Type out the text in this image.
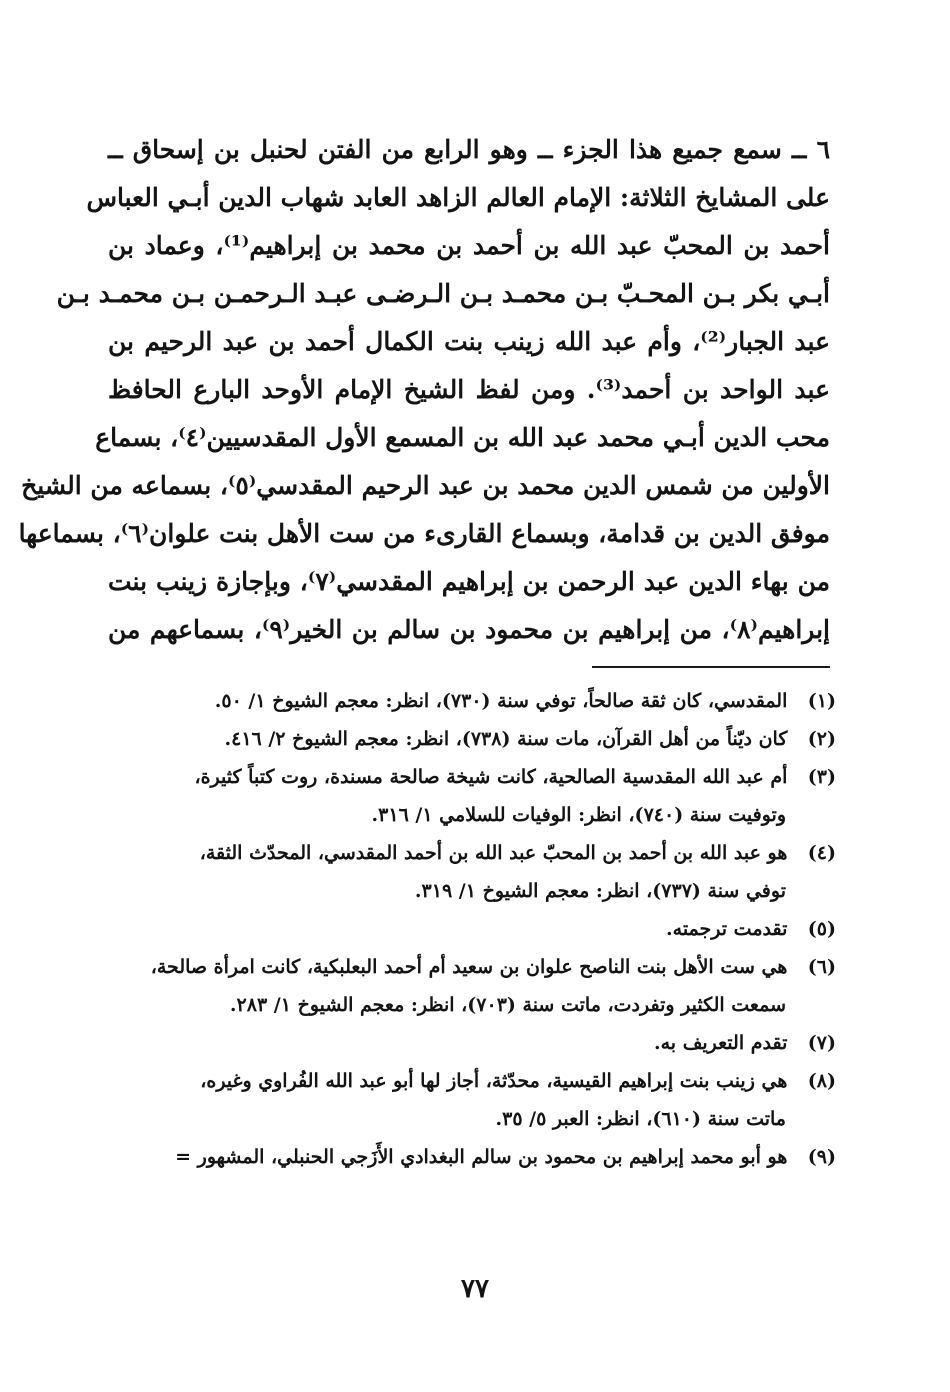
٦ ــ سمع جميع هذا الجزء ــ وهو الرابع من الفتن لحنبل بن إسحاق ــ
على المشايخ الثلاثة: الإمام العالم الزاهد العابد شهاب الدين أبـي العباس
أحمد بن المحبّ عبد الله بن أحمد بن محمد بن إبراهيم⁽¹⁾، وعماد بن
أبـي بكر بـن المحـبّ بـن محمـد بـن الـرضـى عبـد الـرحمـن بـن محمـد بـن
عبد الجبار⁽²⁾، وأم عبد الله زينب بنت الكمال أحمد بن عبد الرحيم بن
عبد الواحد بن أحمد⁽³⁾. ومن لفظ الشيخ الإمام الأوحد البارع الحافظ
محب الدين أبـي محمد عبد الله بن المسمع الأول المقدسيين⁽٤⁾، بسماع
الأولين من شمس الدين محمد بن عبد الرحيم المقدسي⁽٥⁾، بسماعه من الشيخ
موفق الدين بن قدامة، وبسماع القارىء من ست الأهل بنت علوان⁽٦⁾، بسماعها
من بهاء الدين عبد الرحمن بن إبراهيم المقدسي⁽٧⁾، وبإجازة زينب بنت
إبراهيم⁽٨⁾، من إبراهيم بن محمود بن سالم بن الخير⁽٩⁾، بسماعهم من
(١) المقدسي، كان ثقة صالحاً، توفي سنة (٧٣٠)، انظر: معجم الشيوخ ١/ ٥٠.
(٢) كان ديّناً من أهل القرآن، مات سنة (٧٣٨)، انظر: معجم الشيوخ ٢/ ٤١٦.
(٣) أم عبد الله المقدسية الصالحية، كانت شيخة صالحة مسندة، روت كتباً كثيرة،
وتوفيت سنة (٧٤٠)، انظر: الوفيات للسلامي ١/ ٣١٦.
(٤) هو عبد الله بن أحمد بن المحبّ عبد الله بن أحمد المقدسي، المحدّث الثقة،
توفي سنة (٧٣٧)، انظر: معجم الشيوخ ١/ ٣١٩.
(٥) تقدمت ترجمته.
(٦) هي ست الأهل بنت الناصح علوان بن سعيد أم أحمد البعلبكية، كانت امرأة صالحة،
سمعت الكثير وتفردت، ماتت سنة (٧٠٣)، انظر: معجم الشيوخ ١/ ٢٨٣.
(٧) تقدم التعريف به.
(٨) هي زينب بنت إبراهيم القيسية، محدّثة، أجاز لها أبو عبد الله الفُراوي وغيره،
ماتت سنة (٦١٠)، انظر: العبر ٥/ ٣٥.
(٩) هو أبو محمد إبراهيم بن محمود بن سالم البغدادي الأَزَجي الحنبلي، المشهور =
٧٧
